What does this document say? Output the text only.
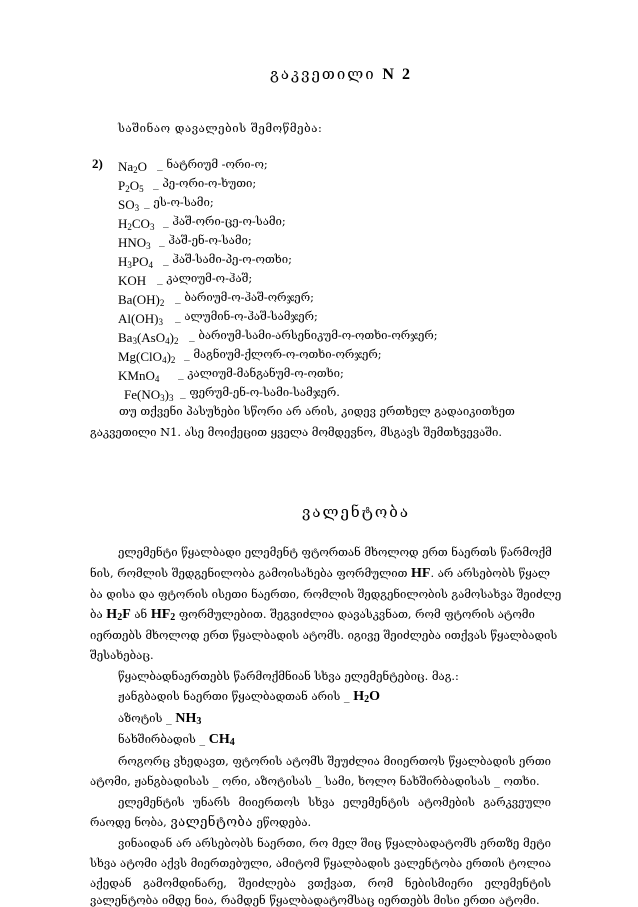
გაკვეთილი N 2
საშინაო დავალების შემოწმება:
2) $Na_2O$ _ ნატრიუმ -ორი-ო;
$P_2O_5$ _ პე-ორი-ო-ხუთი;
$SO_3$ _ ეს-ო-სამი;
$H_2CO_3$ _ ჰაშ-ორი-ცე-ო-სამი;
$HNO_3$ _ ჰაშ-ენ-ო-სამი;
$H_3PO_4$ _ ჰაშ-სამი-პე-ო-ოთხი;
KOH _ კალიუმ-ო-ჰაშ;
$Ba(OH)_2$ _ ბარიუმ-ო-ჰაშ-ორჯერ;
$Al(OH)_3$ _ ალუმინ-ო-ჰაშ-სამჯერ;
$Ba_3(AsO_4)_2$ _ ბარიუმ-სამი-არსენიკუმ-ო-ოთხი-ორჯერ;
$Mg(ClO_4)_2$ _ მაგნიუმ-ქლორ-ო-ოთხი-ორჯერ;
KMnO$_4$ _ კალიუმ-მანგანუმ-ო-ოთხი;
$Fe(NO_3)_3$ _ ფერუმ-ენ-ო-სამი-სამჯერ.
თუ თქვენი პასუხები სწორი არ არის, კიდევ ერთხელ გადაიკითხეთ
გაკვეთილი N1. ასე მოიქეცით ყველა მომდევნო, მსგავს შემთხვევაში.
ვალენტობა
ელემენტი წყალბადი ელემენტ ფტორთან მხოლოდ ერთ ნაერთს წარმოქმ
ნის, რომლის შედგენილობა გამოისახება ფორმულით HF. არ არსებობს წყალ
ბა დისა და ფტორის ისეთი ნაერთი, რომლის შედგენილობის გამოსახვა შეიძლე
ბა $H_2F$ ან $HF_2$ ფორმულებით. შეგვიძლია დავასკვნათ, რომ ფტორის ატომი
იერთებს მხოლოდ ერთ წყალბადის ატომს. იგივე შეიძლება ითქვას წყალბადის
შესახებაც.
წყალბადნაერთებს წარმოქმნიან სხვა ელემენტებიც. მაგ.:
ჟანგბადის ნაერთი წყალბადთან არის _ $H_2O$
აზოტის _ $NH_3$
ნახშირბადის _ $CH_4$
როგორც ვხედავთ, ფტორის ატომს შეუძლია მიიერთოს წყალბადის ერთი
ატომი, ჟანგბადისას _ ორი, აზოტისას _ სამი, ხოლო ნახშირბადისას _ ოთხი.
ელემენტის უნარს მიიერთოს სხვა ელემენტის ატომების გარკვეული
რაოდე ნობა, ვალენტობა ეწოდება.
ვინაიდან არ არსებობს ნაერთი, რო მელ შიც წყალბადატომს ერთზე მეტი
სხვა ატომი აქვს მიერთებული, ამიტომ წყალბადის ვალენტობა ერთის ტოლია
აქედან გამომდინარე, შეიძლება ვთქვათ, რომ ნებისმიერი ელემენტის
ვალენტობა იმდე ნია, რამდენ წყალბადატომსაც იერთებს მისი ერთი ატომი.
